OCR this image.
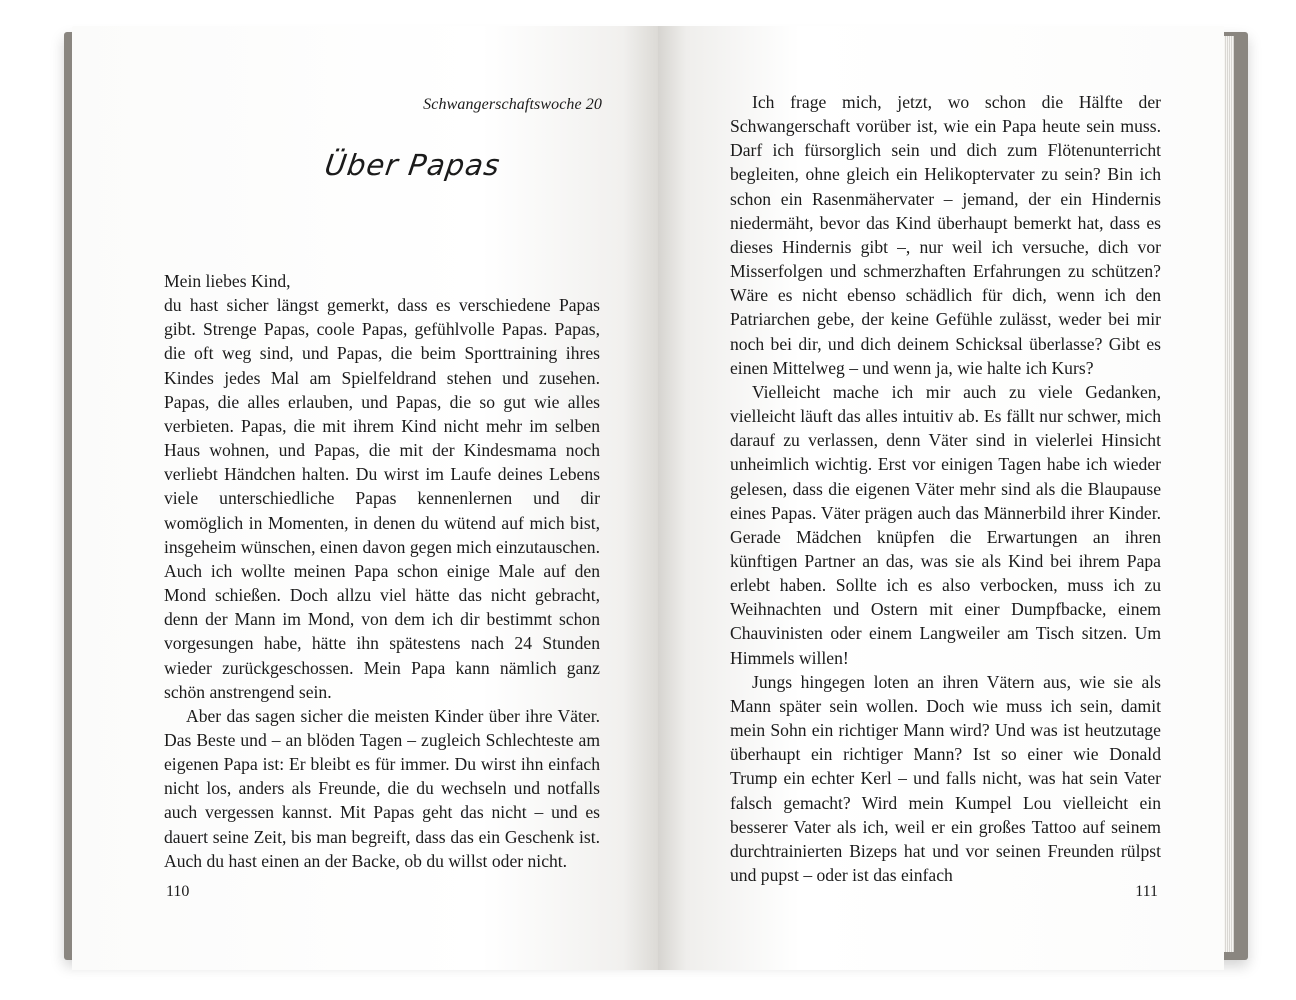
Schwangerschaftswoche 20
Über Papas

Mein liebes Kind,

du hast sicher längst gemerkt, dass es verschiedene Papas gibt. Strenge Papas, coole Papas, gefühlvolle Papas. Papas, die oft weg sind, und Papas, die beim Sporttraining ihres Kindes jedes Mal am Spielfeldrand stehen und zusehen. Papas, die alles erlauben, und Papas, die so gut wie alles verbieten. Papas, die mit ihrem Kind nicht mehr im selben Haus wohnen, und Papas, die mit der Kindesmama noch verliebt Händchen halten. Du wirst im Laufe deines Lebens viele unterschiedliche Papas kennenlernen und dir womöglich in Momenten, in denen du wütend auf mich bist, insgeheim wünschen, einen davon gegen mich einzutauschen. Auch ich wollte meinen Papa schon einige Male auf den Mond schießen. Doch allzu viel hätte das nicht gebracht, denn der Mann im Mond, von dem ich dir bestimmt schon vorgesungen habe, hätte ihn spätestens nach 24 Stunden wieder zurückgeschossen. Mein Papa kann nämlich ganz schön anstrengend sein.

Aber das sagen sicher die meisten Kinder über ihre Väter. Das Beste und – an blöden Tagen – zugleich Schlechteste am eigenen Papa ist: Er bleibt es für immer. Du wirst ihn einfach nicht los, anders als Freunde, die du wechseln und notfalls auch vergessen kannst. Mit Papas geht das nicht – und es dauert seine Zeit, bis man begreift, dass das ein Geschenk ist. Auch du hast einen an der Backe, ob du willst oder nicht.

110

Ich frage mich, jetzt, wo schon die Hälfte der Schwangerschaft vorüber ist, wie ein Papa heute sein muss. Darf ich fürsorglich sein und dich zum Flötenunterricht begleiten, ohne gleich ein Helikoptervater zu sein? Bin ich schon ein Rasenmähervater – jemand, der ein Hindernis niedermäht, bevor das Kind überhaupt bemerkt hat, dass es dieses Hindernis gibt –, nur weil ich versuche, dich vor Misserfolgen und schmerzhaften Erfahrungen zu schützen? Wäre es nicht ebenso schädlich für dich, wenn ich den Patriarchen gebe, der keine Gefühle zulässt, weder bei mir noch bei dir, und dich deinem Schicksal überlasse? Gibt es einen Mittelweg – und wenn ja, wie halte ich Kurs?

Vielleicht mache ich mir auch zu viele Gedanken, vielleicht läuft das alles intuitiv ab. Es fällt nur schwer, mich darauf zu verlassen, denn Väter sind in vielerlei Hinsicht unheimlich wichtig. Erst vor einigen Tagen habe ich wieder gelesen, dass die eigenen Väter mehr sind als die Blaupause eines Papas. Väter prägen auch das Männerbild ihrer Kinder. Gerade Mädchen knüpfen die Erwartungen an ihren künftigen Partner an das, was sie als Kind bei ihrem Papa erlebt haben. Sollte ich es also verbocken, muss ich zu Weihnachten und Ostern mit einer Dumpfbacke, einem Chauvinisten oder einem Langweiler am Tisch sitzen. Um Himmels willen!

Jungs hingegen loten an ihren Vätern aus, wie sie als Mann später sein wollen. Doch wie muss ich sein, damit mein Sohn ein richtiger Mann wird? Und was ist heutzutage überhaupt ein richtiger Mann? Ist so einer wie Donald Trump ein echter Kerl – und falls nicht, was hat sein Vater falsch gemacht? Wird mein Kumpel Lou vielleicht ein besserer Vater als ich, weil er ein großes Tattoo auf seinem durchtrainierten Bizeps hat und vor seinen Freunden rülpst und pupst – oder ist das einfach

111
